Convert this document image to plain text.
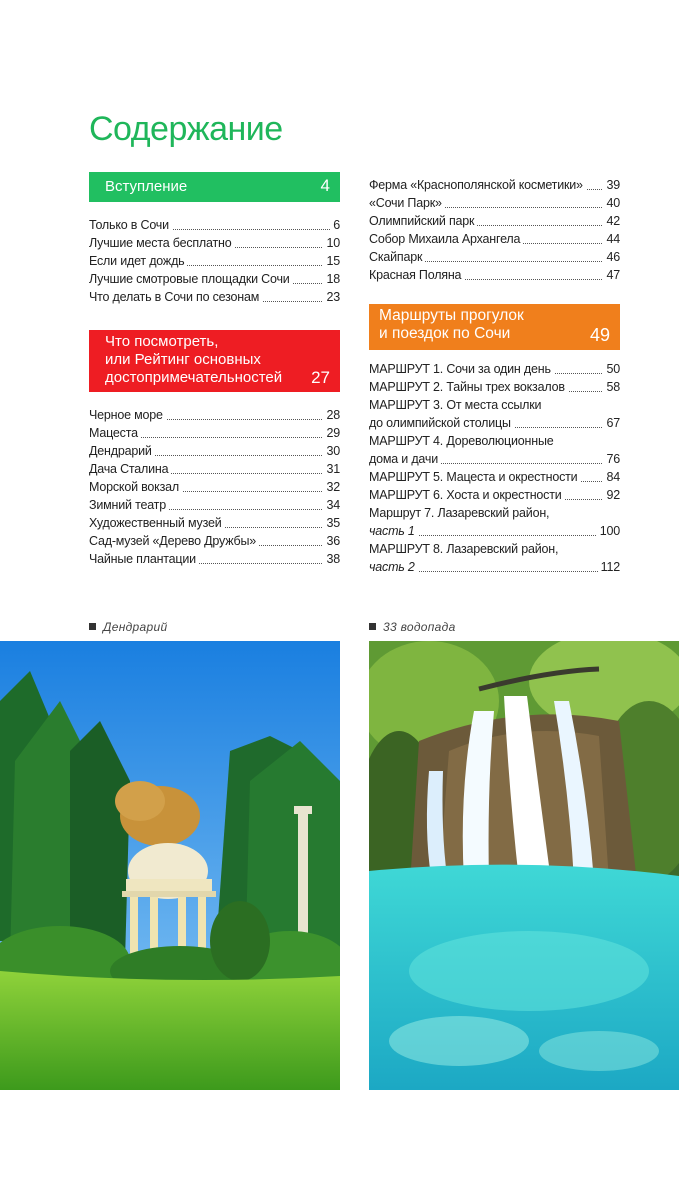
Содержание
Вступление	4
Только в Сочи	6
Лучшие места бесплатно	10
Если идет дождь	15
Лучшие смотровые площадки Сочи	18
Что делать в Сочи по сезонам	23
Что посмотреть,
или Рейтинг основных
достопримечательностей	27
Черное море	28
Мацеста	29
Дендрарий	30
Дача Сталина	31
Морской вокзал	32
Зимний театр	34
Художественный музей	35
Сад-музей «Дерево Дружбы»	36
Чайные плантации	38
Ферма «Краснополянской косметики» 39
«Сочи Парк»	40
Олимпийский парк	42
Собор Михаила Архангела	44
Скайпарк	46
Красная Поляна	47
Маршруты прогулок
и поездок по Сочи	49
МАРШРУТ 1. Сочи за один день	50
МАРШРУТ 2. Тайны трех вокзалов	58
МАРШРУТ 3. От места ссылки
до олимпийской столицы	67
МАРШРУТ 4. Дореволюционные
дома и дачи	76
МАРШРУТ 5. Мацеста и окрестности 84
МАРШРУТ 6. Хоста и окрестности	92
Маршрут 7. Лазаревский район,
часть 1	100
МАРШРУТ 8. Лазаревский район,
часть 2	112
Дендрарий	33 водопада
